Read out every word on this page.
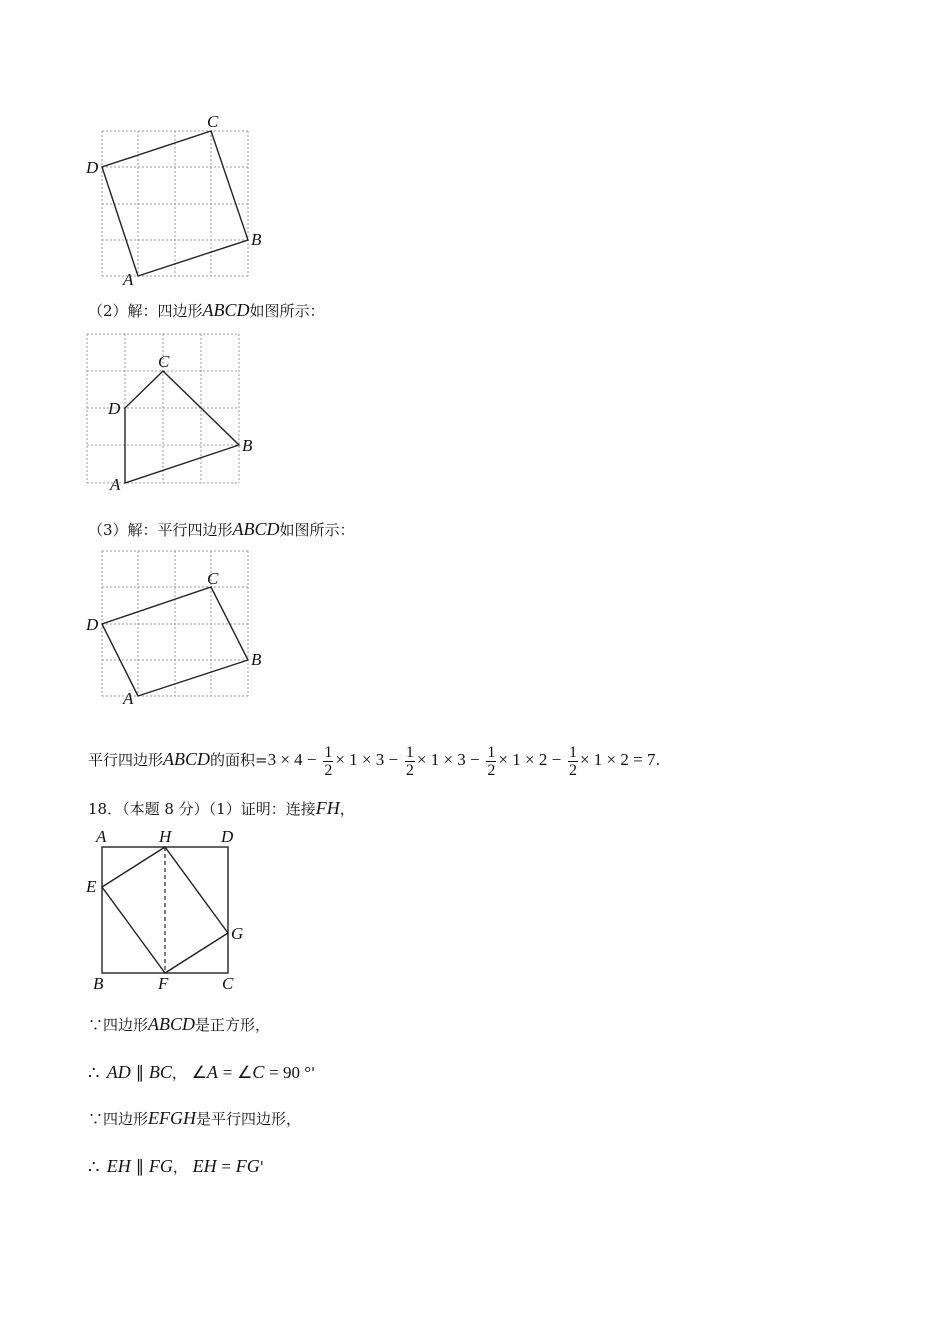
A
B
C
D
（2）解：四边形ABCD如图所示：
A
B
C
D
（3）解：平行四边形ABCD如图所示：
A
B
C
D
平行四边形ABCD的面积$=3 \times 4 - \frac{1}{2} \times 1 \times 3 - \frac{1}{2} \times 1 \times 3 - \frac{1}{2} \times 1 \times 2 - \frac{1}{2} \times 1 \times 2 = 7$.
18．（本题 8 分）（1）证明：连接FH，
A	H	D
E
G
B	F	C
∵四边形ABCD是正方形，
∴ AD ∥ BC， ∠A = ∠C = 90 °'
∵四边形EFGH是平行四边形，
∴ EH ∥ FG， EH = FG'
